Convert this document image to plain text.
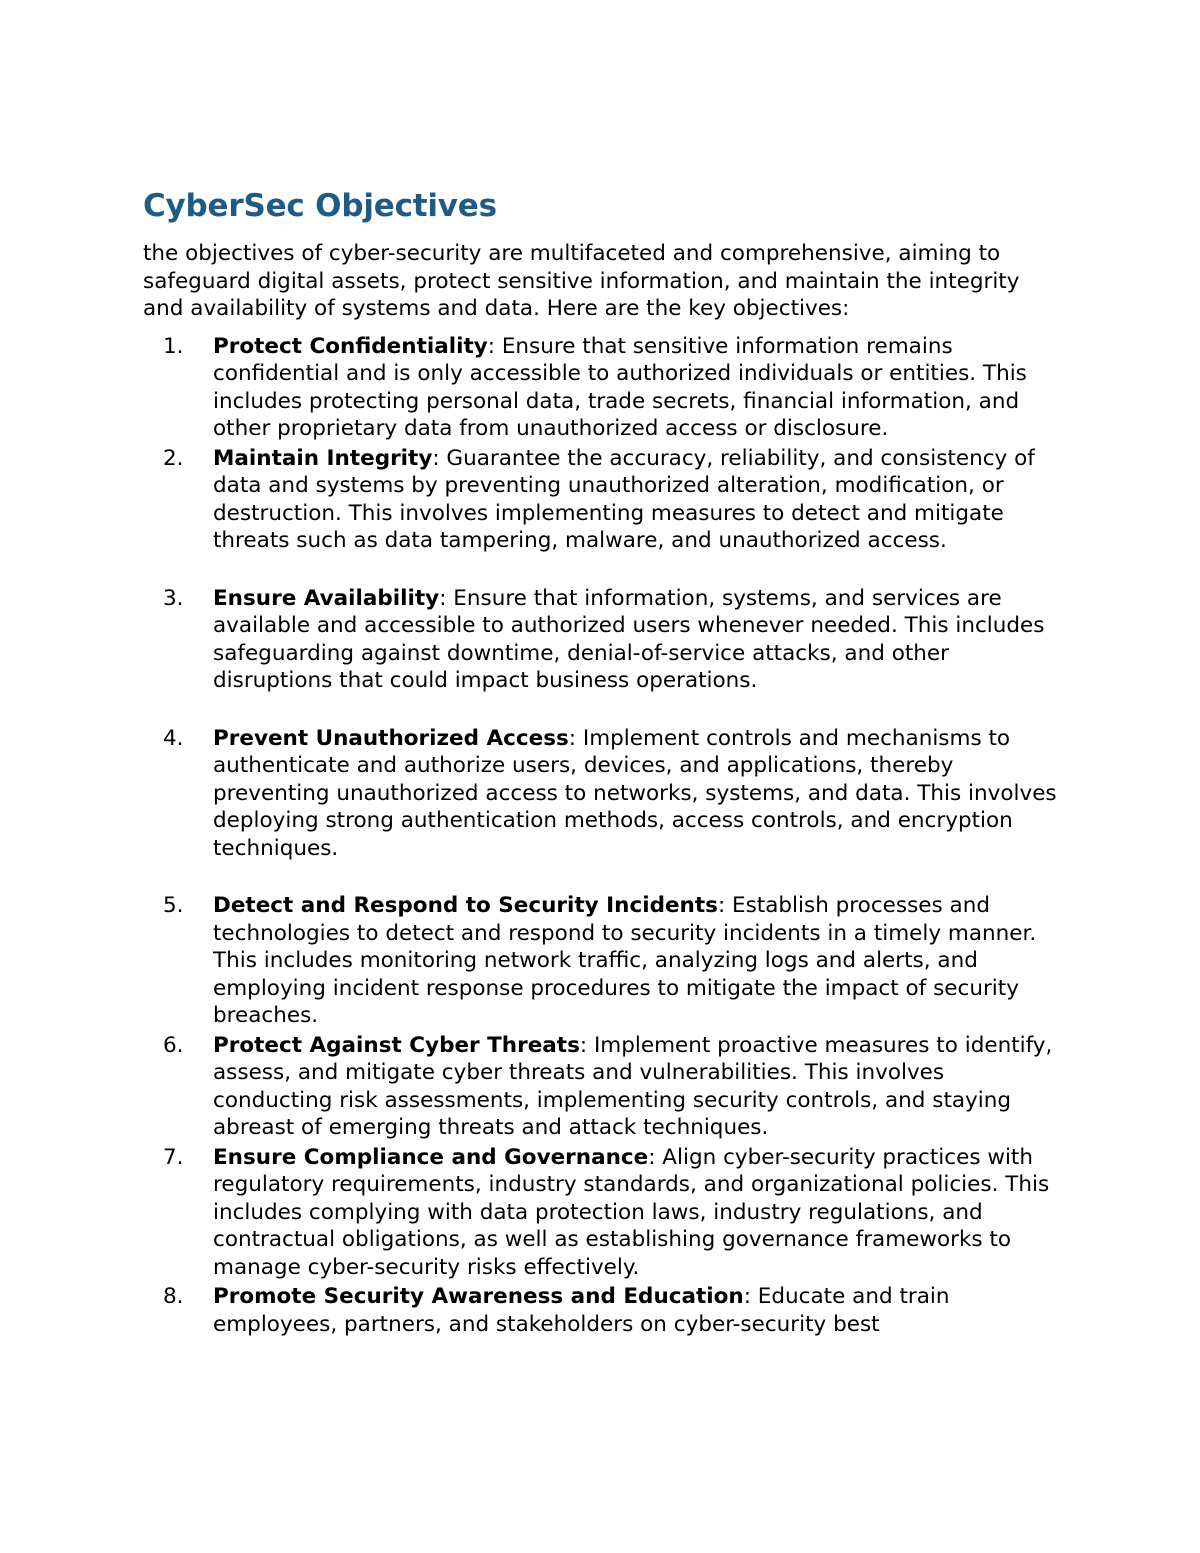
CyberSec Objectives

the objectives of cyber-security are multifaceted and comprehensive, aiming to safeguard digital assets, protect sensitive information, and maintain the integrity and availability of systems and data. Here are the key objectives:

1. Protect Confidentiality: Ensure that sensitive information remains confidential and is only accessible to authorized individuals or entities. This includes protecting personal data, trade secrets, financial information, and other proprietary data from unauthorized access or disclosure.
2. Maintain Integrity: Guarantee the accuracy, reliability, and consistency of data and systems by preventing unauthorized alteration, modification, or destruction. This involves implementing measures to detect and mitigate threats such as data tampering, malware, and unauthorized access.
3. Ensure Availability: Ensure that information, systems, and services are available and accessible to authorized users whenever needed. This includes safeguarding against downtime, denial-of-service attacks, and other disruptions that could impact business operations.
4. Prevent Unauthorized Access: Implement controls and mechanisms to authenticate and authorize users, devices, and applications, thereby preventing unauthorized access to networks, systems, and data. This involves deploying strong authentication methods, access controls, and encryption techniques.
5. Detect and Respond to Security Incidents: Establish processes and technologies to detect and respond to security incidents in a timely manner. This includes monitoring network traffic, analyzing logs and alerts, and employing incident response procedures to mitigate the impact of security breaches.
6. Protect Against Cyber Threats: Implement proactive measures to identify, assess, and mitigate cyber threats and vulnerabilities. This involves conducting risk assessments, implementing security controls, and staying abreast of emerging threats and attack techniques.
7. Ensure Compliance and Governance: Align cyber-security practices with regulatory requirements, industry standards, and organizational policies. This includes complying with data protection laws, industry regulations, and contractual obligations, as well as establishing governance frameworks to manage cyber-security risks effectively.
8. Promote Security Awareness and Education: Educate and train employees, partners, and stakeholders on cyber-security best
